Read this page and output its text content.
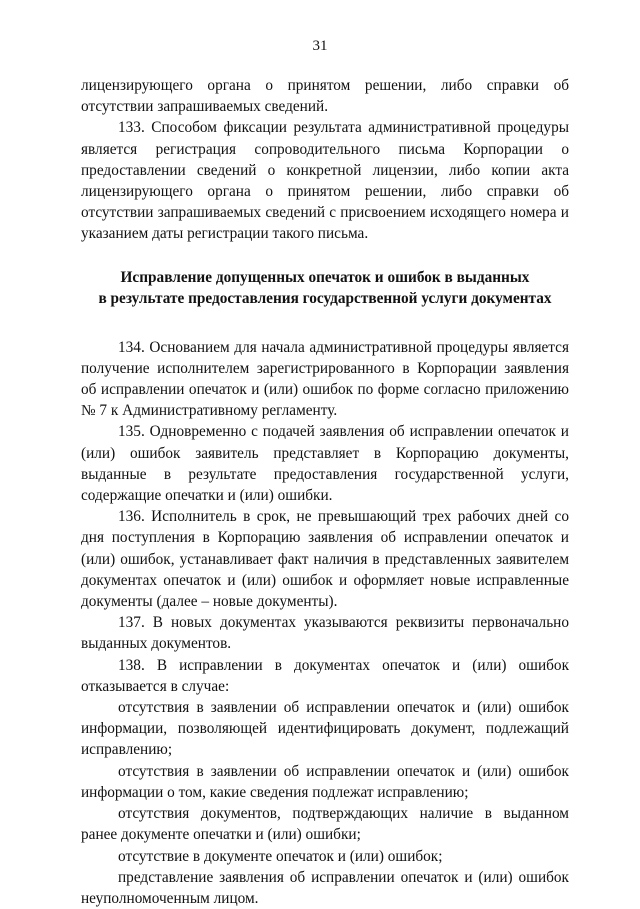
31

лицензирующего органа о принятом решении, либо справки об отсутствии запрашиваемых сведений.

133. Способом фиксации результата административной процедуры является регистрация сопроводительного письма Корпорации о предоставлении сведений о конкретной лицензии, либо копии акта лицензирующего органа о принятом решении, либо справки об отсутствии запрашиваемых сведений с присвоением исходящего номера и указанием даты регистрации такого письма.

Исправление допущенных опечаток и ошибок в выданных
в результате предоставления государственной услуги документах

134. Основанием для начала административной процедуры является получение исполнителем зарегистрированного в Корпорации заявления об исправлении опечаток и (или) ошибок по форме согласно приложению № 7 к Административному регламенту.

135. Одновременно с подачей заявления об исправлении опечаток и (или) ошибок заявитель представляет в Корпорацию документы, выданные в результате предоставления государственной услуги, содержащие опечатки и (или) ошибки.

136. Исполнитель в срок, не превышающий трех рабочих дней со дня поступления в Корпорацию заявления об исправлении опечаток и (или) ошибок, устанавливает факт наличия в представленных заявителем документах опечаток и (или) ошибок и оформляет новые исправленные документы (далее – новые документы).

137. В новых документах указываются реквизиты первоначально выданных документов.

138. В исправлении в документах опечаток и (или) ошибок отказывается в случае:

отсутствия в заявлении об исправлении опечаток и (или) ошибок информации, позволяющей идентифицировать документ, подлежащий исправлению;

отсутствия в заявлении об исправлении опечаток и (или) ошибок информации о том, какие сведения подлежат исправлению;

отсутствия документов, подтверждающих наличие в выданном ранее документе опечатки и (или) ошибки;

отсутствие в документе опечаток и (или) ошибок;

представление заявления об исправлении опечаток и (или) ошибок неуполномоченным лицом.
